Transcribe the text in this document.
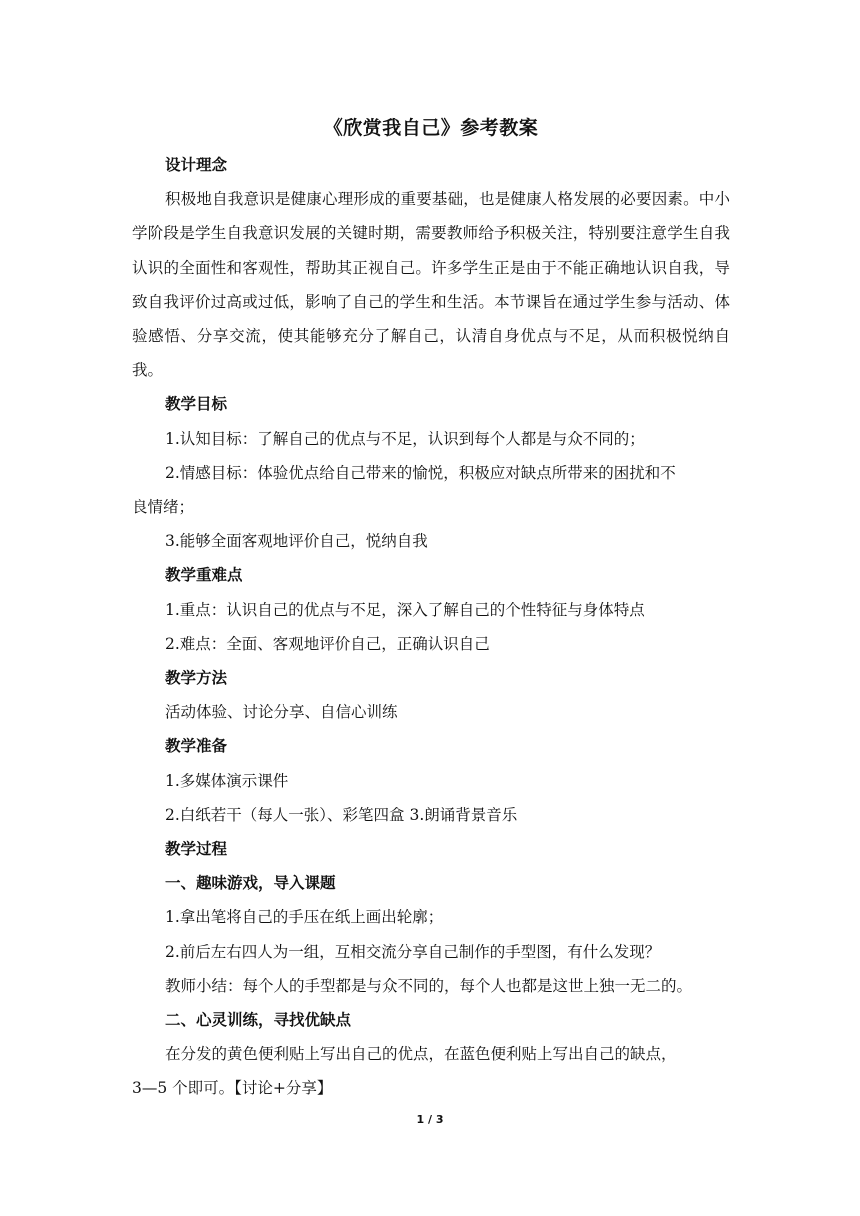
《欣赏我自己》参考教案

设计理念

积极地自我意识是健康心理形成的重要基础，也是健康人格发展的必要因素。中小学阶段是学生自我意识发展的关键时期，需要教师给予积极关注，特别要注意学生自我认识的全面性和客观性，帮助其正视自己。许多学生正是由于不能正确地认识自我，导致自我评价过高或过低，影响了自己的学生和生活。本节课旨在通过学生参与活动、体验感悟、分享交流，使其能够充分了解自己，认清自身优点与不足，从而积极悦纳自我。

教学目标

1.认知目标：了解自己的优点与不足，认识到每个人都是与众不同的；

2.情感目标：体验优点给自己带来的愉悦，积极应对缺点所带来的困扰和不

良情绪；

3.能够全面客观地评价自己，悦纳自我

教学重难点

1.重点：认识自己的优点与不足，深入了解自己的个性特征与身体特点

2.难点：全面、客观地评价自己，正确认识自己

教学方法

活动体验、讨论分享、自信心训练

教学准备

1.多媒体演示课件

2.白纸若干（每人一张）、彩笔四盒 3.朗诵背景音乐

教学过程

一、趣味游戏，导入课题

1.拿出笔将自己的手压在纸上画出轮廓；

2.前后左右四人为一组，互相交流分享自己制作的手型图，有什么发现？

教师小结：每个人的手型都是与众不同的，每个人也都是这世上独一无二的。

二、心灵训练，寻找优缺点

在分发的黄色便利贴上写出自己的优点，在蓝色便利贴上写出自己的缺点，

3—5 个即可。【讨论+分享】

1 / 3
